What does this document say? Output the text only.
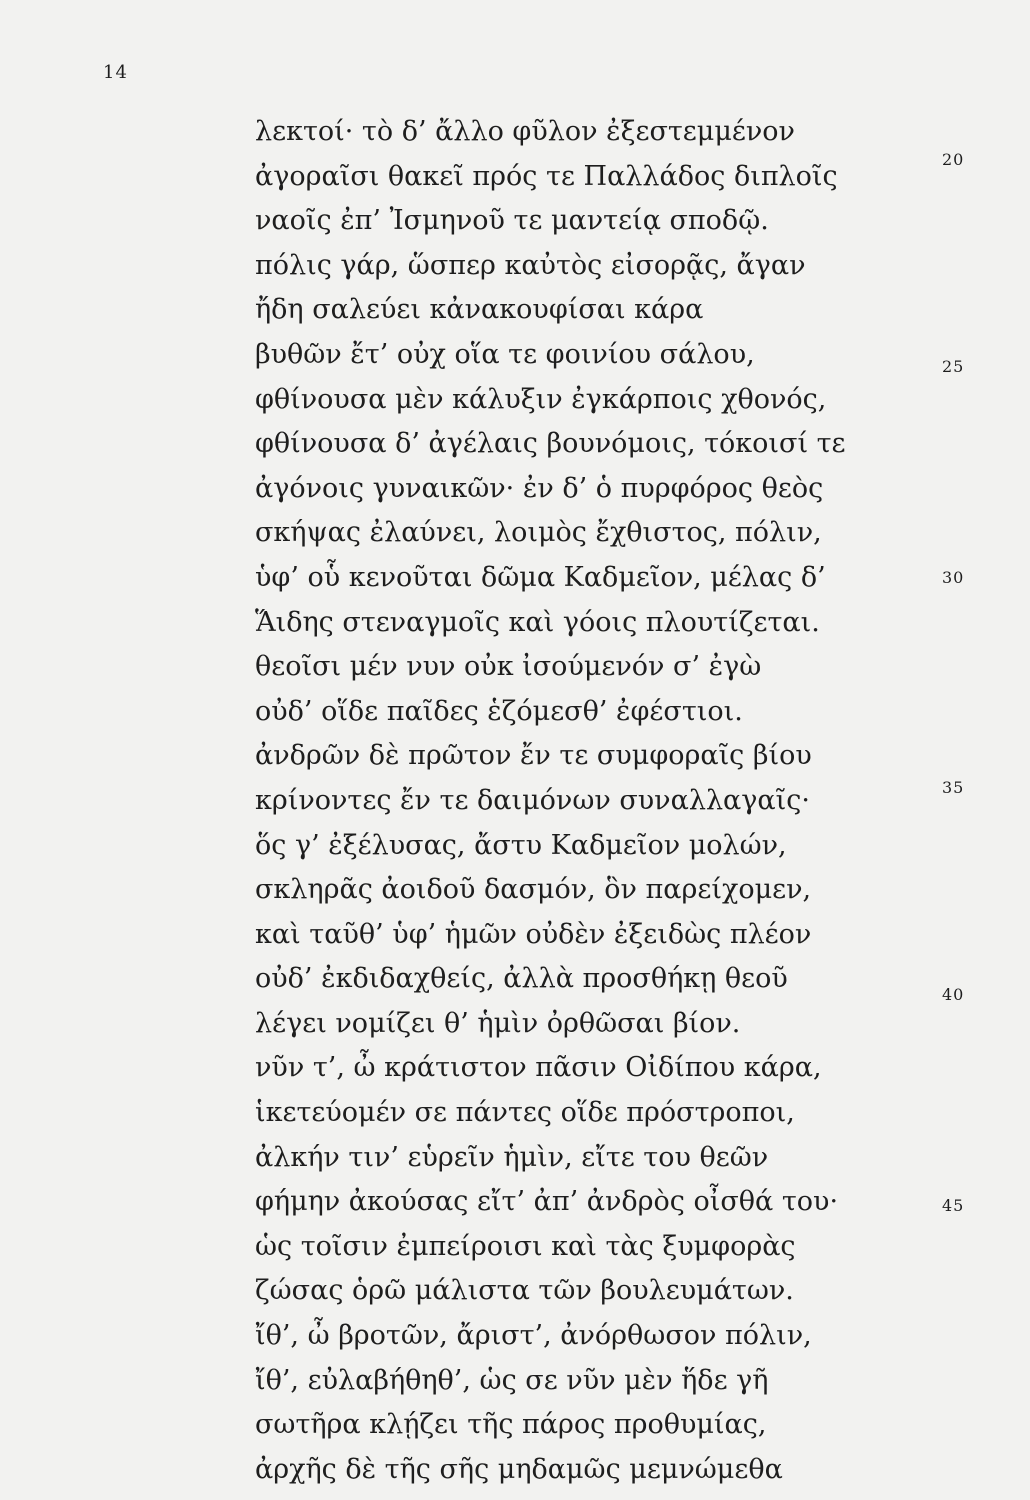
14
λεκτοί· τὸ δ’ ἄλλο φῦλον ἐξεστεμμένον
ἀγοραῖσι θακεῖ πρός τε Παλλάδος διπλοῖς
ναοῖς ἐπ’ Ἰσμηνοῦ τε μαντείᾳ σποδῷ.
πόλις γάρ, ὥσπερ καὐτὸς εἰσορᾷς, ἄγαν
ἤδη σαλεύει κἀνακουφίσαι κάρα
βυθῶν ἔτ’ οὐχ οἵα τε φοινίου σάλου,
φθίνουσα μὲν κάλυξιν ἐγκάρποις χθονός,
φθίνουσα δ’ ἀγέλαις βουνόμοις, τόκοισί τε
ἀγόνοις γυναικῶν· ἐν δ’ ὁ πυρφόρος θεὸς
σκήψας ἐλαύνει, λοιμὸς ἔχθιστος, πόλιν,
ὑφ’ οὗ κενοῦται δῶμα Καδμεῖον, μέλας δ’
Ἅιδης στεναγμοῖς καὶ γόοις πλουτίζεται.
θεοῖσι μέν νυν οὐκ ἰσούμενόν σ’ ἐγὼ
οὐδ’ οἵδε παῖδες ἑζόμεσθ’ ἐφέστιοι.
ἀνδρῶν δὲ πρῶτον ἔν τε συμφοραῖς βίου
κρίνοντες ἔν τε δαιμόνων συναλλαγαῖς·
ὅς γ’ ἐξέλυσας, ἄστυ Καδμεῖον μολών,
σκληρᾶς ἀοιδοῦ δασμόν, ὃν παρείχομεν,
καὶ ταῦθ’ ὑφ’ ἡμῶν οὐδὲν ἐξειδὼς πλέον
οὐδ’ ἐκδιδαχθείς, ἀλλὰ προσθήκῃ θεοῦ
λέγει νομίζει θ’ ἡμὶν ὀρθῶσαι βίον.
νῦν τ’, ὦ κράτιστον πᾶσιν Οἰδίπου κάρα,
ἱκετεύομέν σε πάντες οἵδε πρόστροποι,
ἀλκήν τιν’ εὑρεῖν ἡμὶν, εἴτε του θεῶν
φήμην ἀκούσας εἴτ’ ἀπ’ ἀνδρὸς οἶσθά του·
ὡς τοῖσιν ἐμπείροισι καὶ τὰς ξυμφορὰς
ζώσας ὁρῶ μάλιστα τῶν βουλευμάτων.
ἴθ’, ὦ βροτῶν, ἄριστ’, ἀνόρθωσον πόλιν,
ἴθ’, εὐλαβήθηθ’, ὡς σε νῦν μὲν ἥδε γῆ
σωτῆρα κλῄζει τῆς πάρος προθυμίας,
ἀρχῆς δὲ τῆς σῆς μηδαμῶς μεμνώμεθα
20
25
30
35
40
45
